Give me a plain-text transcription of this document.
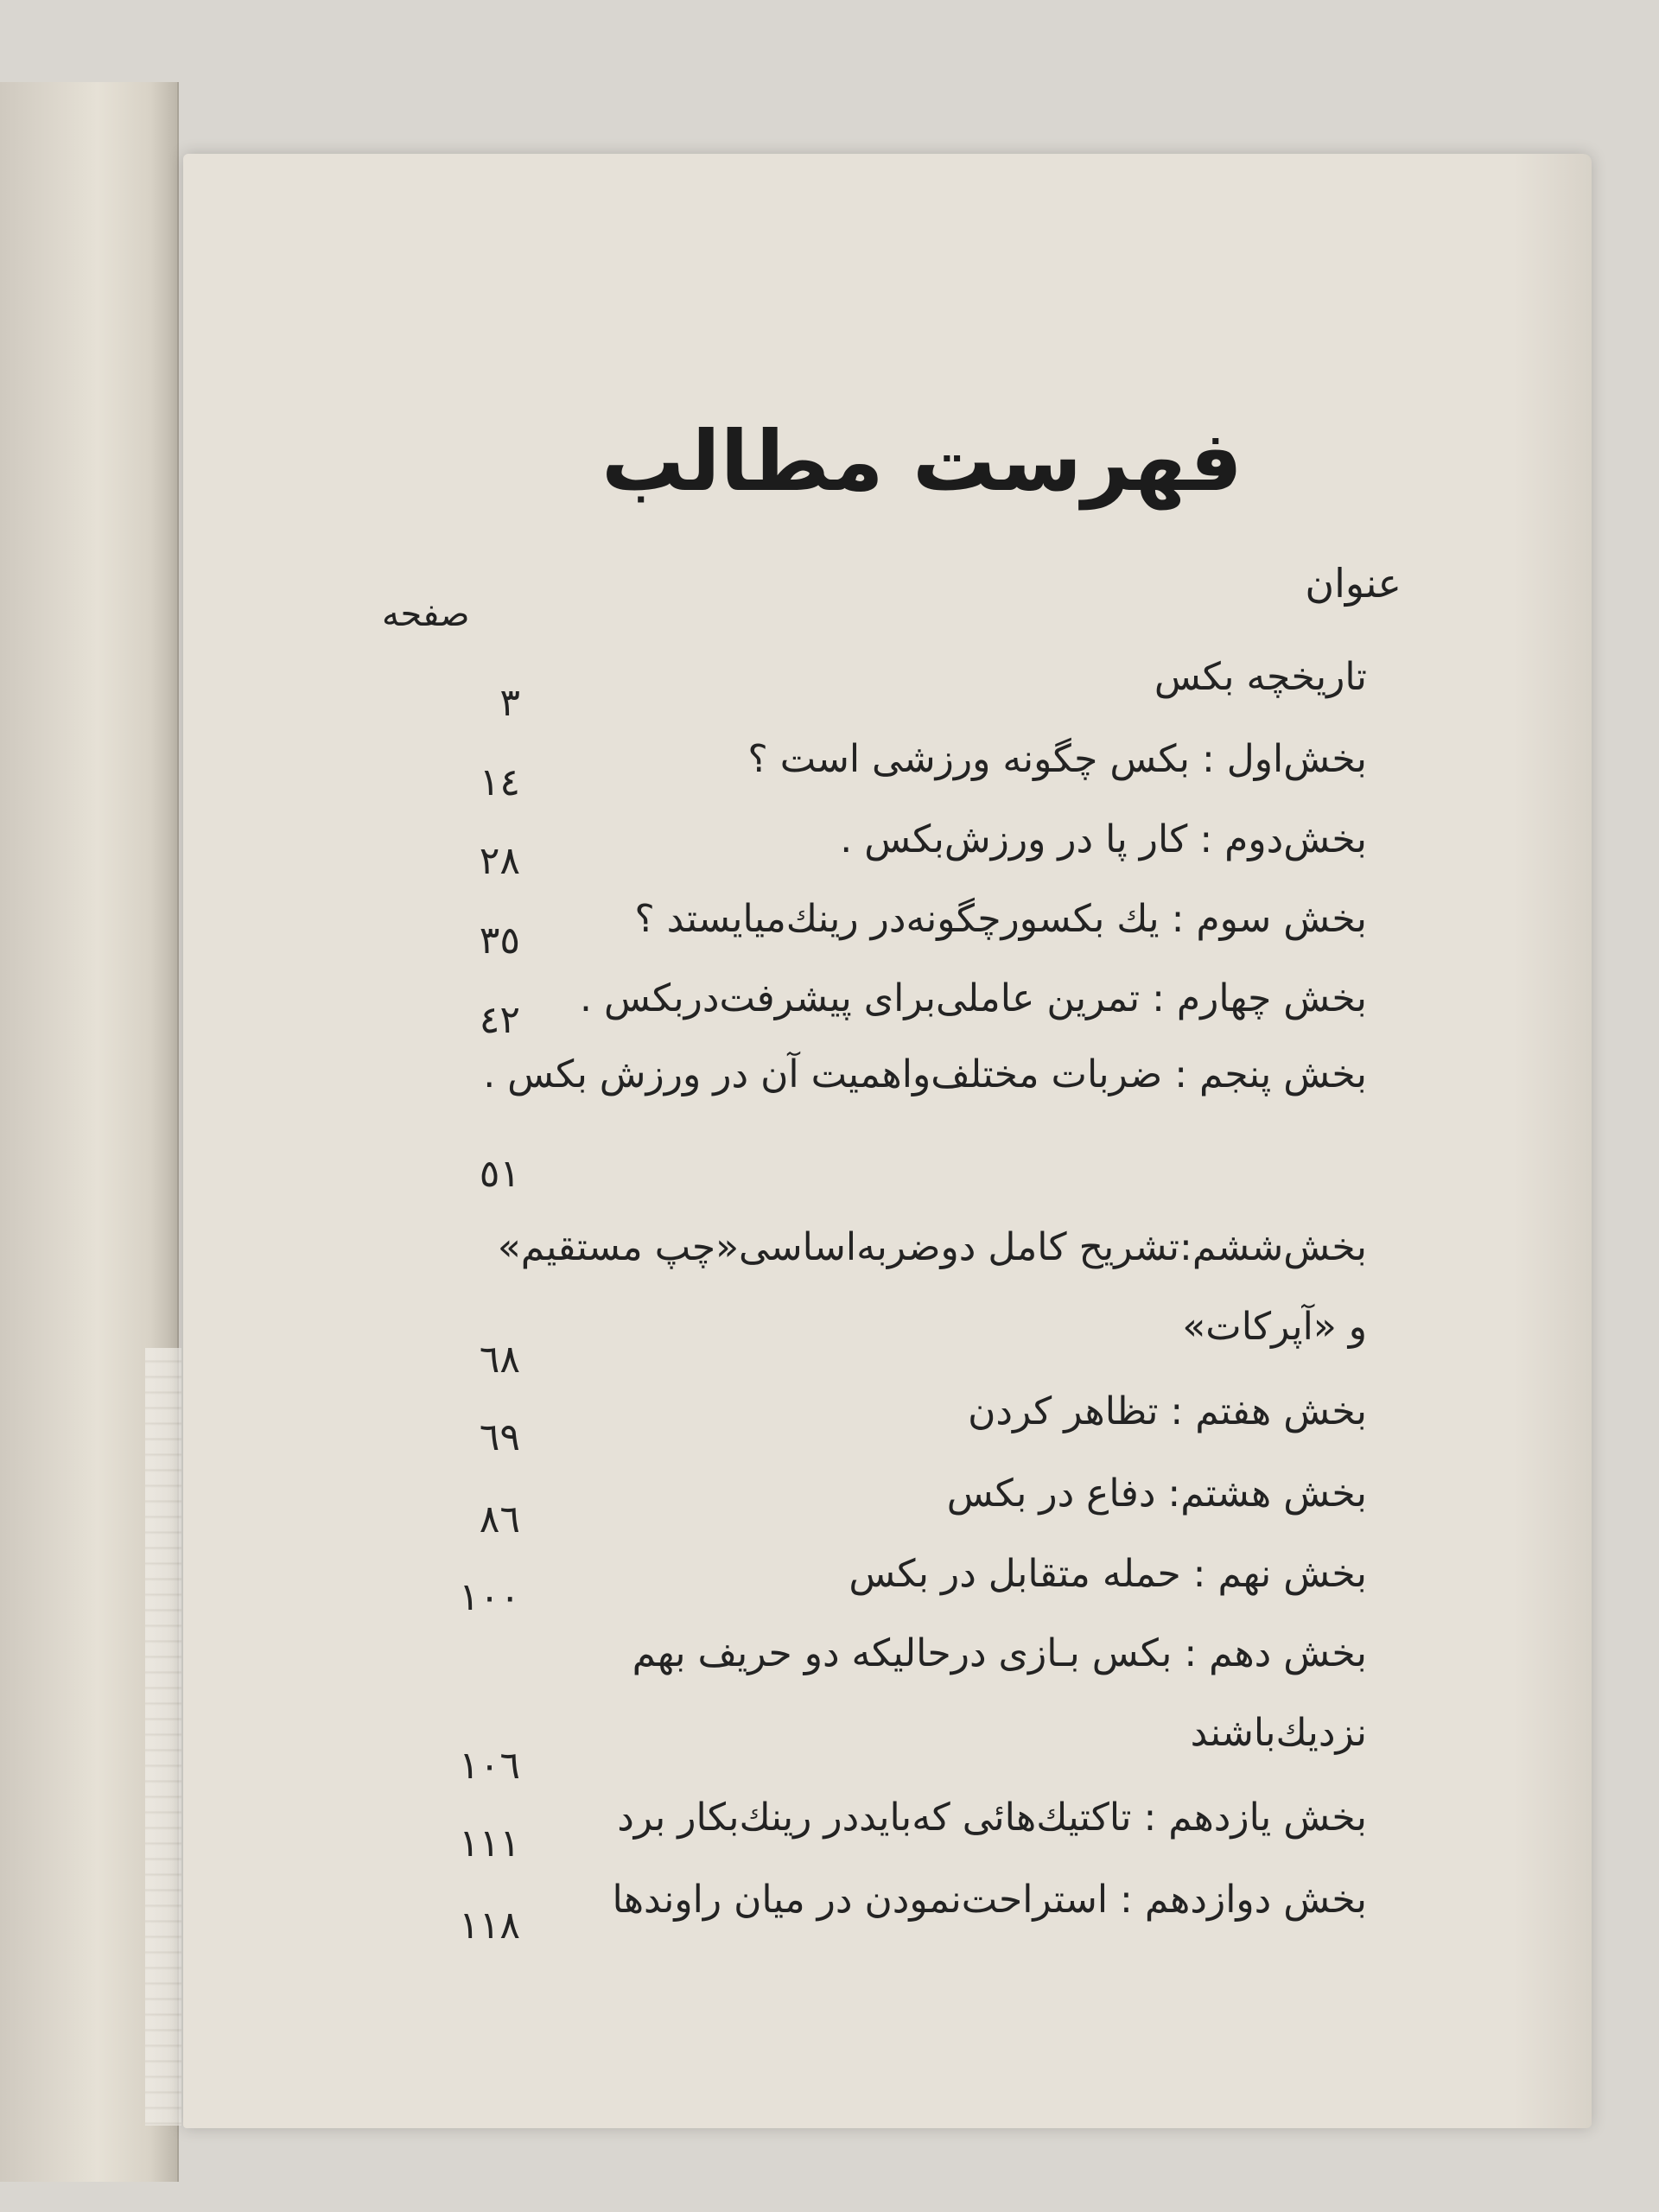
فهرست مطالب
عنوان
صفحه
تاريخچه بكس
٣
بخش‌اول : بكس چگونه ورزشی است ؟
١٤
بخش‌دوم : كار پا در ورزش‌بكس .
٢٨
بخش سوم : يك بكسورچگونه‌در رينك‌ميايستد ؟
٣٥
بخش چهارم : تمرين عاملی‌برای پيشرفت‌دربكس .
٤٢
بخش پنجم : ضربات مختلف‌واهميت آن در ورزش بكس .
٥١
بخش‌ششم:تشريح كامل دوضربه‌اساسی«چپ مستقيم» و «آپركات»
٦٨
بخش هفتم : تظاهر كردن
٦٩
بخش هشتم: دفاع در بكس
٨٦
بخش نهم : حمله متقابل در بكس
١٠٠
بخش دهم : بكس بـازی درحاليكه دو حريف بهم نزديك‌باشند
١٠٦
بخش يازدهم : تاكتيك‌هائی كه‌بايددر رينك‌بكار برد
١١١
بخش دوازدهم : استراحت‌نمودن در ميان راوندها
١١٨
